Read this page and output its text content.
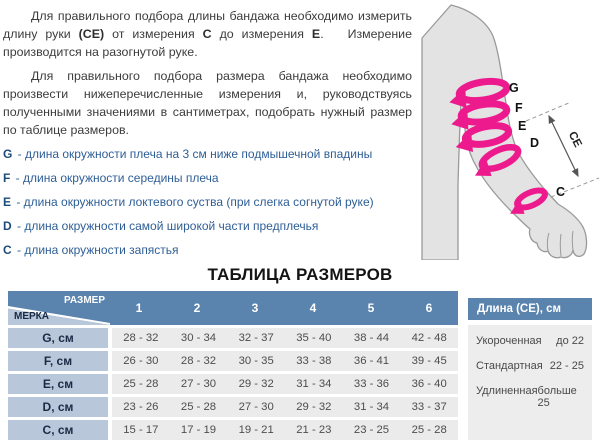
Для правильного подбора длины бандажа необходимо измерить длину руки (CE) от измерения C до измерения E.   Измерение производится на разогнутой руке.

Для правильного подбора размера бандажа необходимо произвести нижеперечисленные измерения и, руководствуясь полученными значениями в сантиметрах, подобрать нужный размер по таблице размеров.

G - длина окружности плеча на 3 см ниже подмышечной впадины
F - длина окружности середины плеча
E - длина окружности локтевого суства (при слегка согнутой руке)
D - длина окружности самой широкой части предплечья
C - длина окружности запястья
CE
G
F
E
D
C
ТАБЛИЦА РАЗМЕРОВ
РАЗМЕР
МЕРКА
1	2	3	4	5	6
G, см	28 - 32	30 - 34	32 - 37	35 - 40	38 - 44	42 - 48
F, см	26 - 30	28 - 32	30 - 35	33 - 38	36 - 41	39 - 45
E, см	25 - 28	27 - 30	29 - 32	31 - 34	33 - 36	36 - 40
D, см	23 - 26	25 - 28	27 - 30	29 - 32	31 - 34	33 - 37
C, см	15 - 17	17 - 19	19 - 21	21 - 23	23 - 25	25 - 28
Длина (CE), см
Укороченная до 22
Стандартная 22 - 25
Удлиненная больше 25
